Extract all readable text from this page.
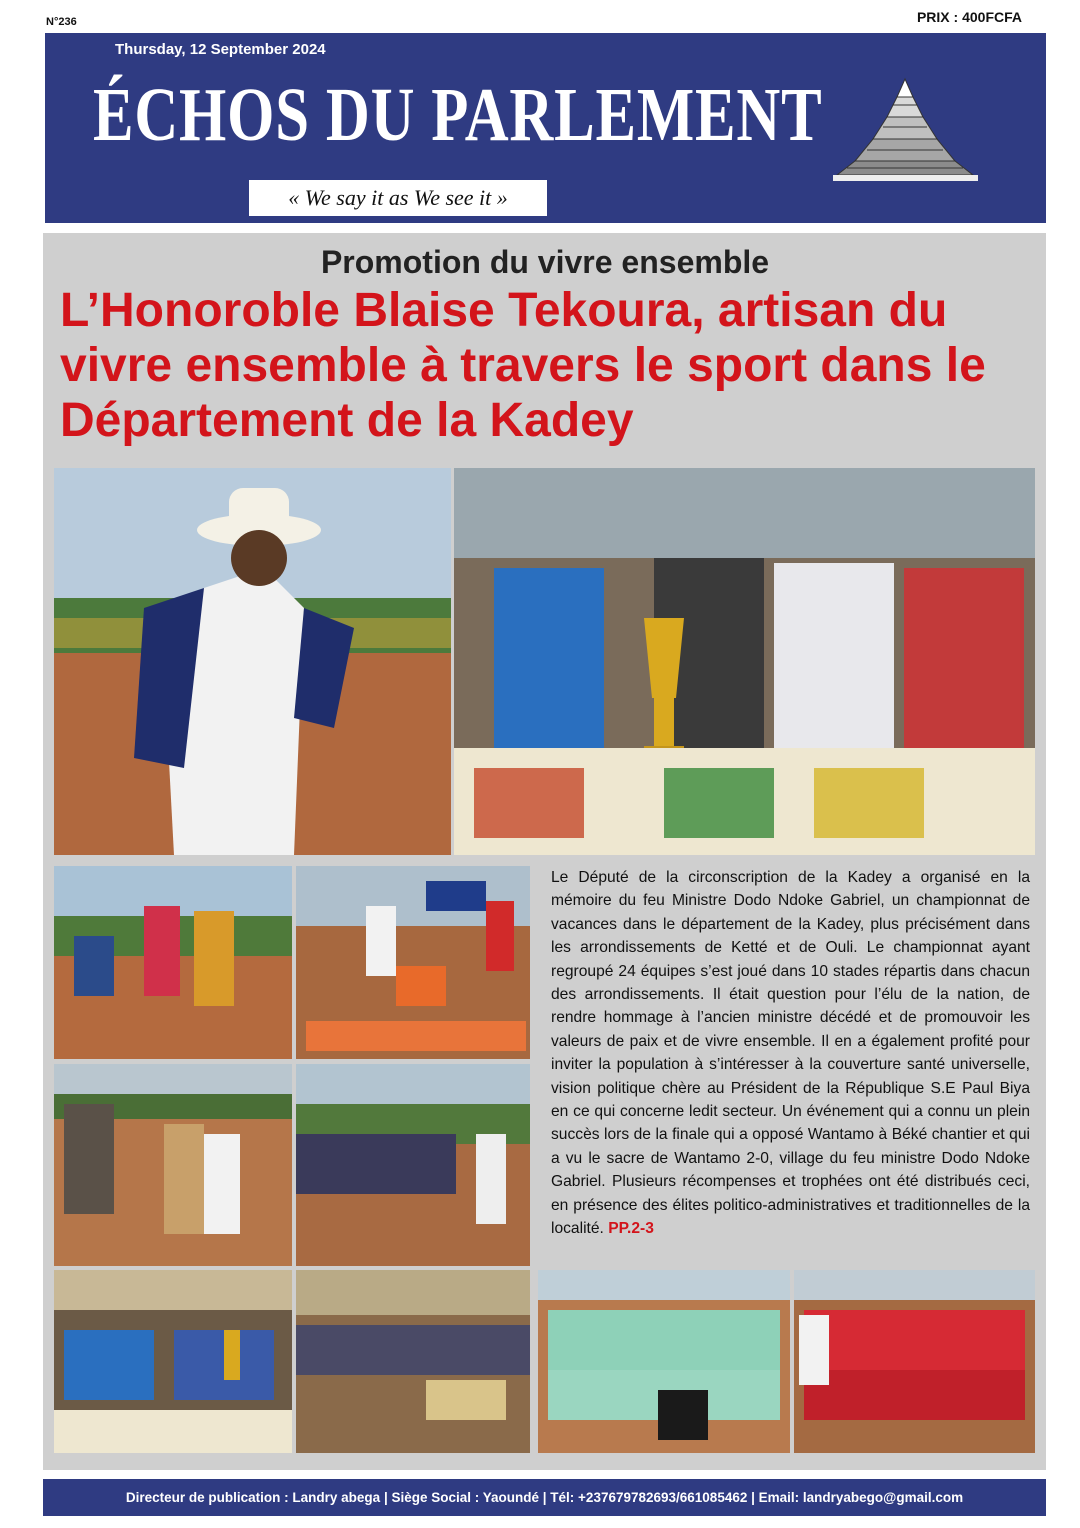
N°236	PRIX : 400FCFA
Thursday, 12 September 2024
ÉCHOS DU PARLEMENT
« We say it as We see it »
Promotion du vivre ensemble
L’Honoroble Blaise Tekoura, artisan du vivre ensemble à travers le sport dans le Département de la Kadey
Le Député de la circonscription de la Kadey a organisé en la mémoire du feu Ministre Dodo Ndoke Gabriel, un championnat de vacances dans le département de la Kadey, plus précisément dans les arrondissements de Ketté et de Ouli. Le championnat ayant regroupé 24 équipes s’est joué dans 10 stades répartis dans chacun des arrondissements. Il était question pour l’élu de la nation, de rendre hommage à l’ancien ministre décédé et de promouvoir les valeurs de paix et de vivre ensemble. Il en a également profité pour inviter la population à s’intéresser à la couverture santé universelle, vision politique chère au Président de la République S.E Paul Biya en ce qui concerne ledit secteur. Un événement qui a connu un plein succès lors de la finale qui a opposé Wantamo à Béké chantier et qui a vu le sacre de Wantamo 2-0, village du feu ministre Dodo Ndoke Gabriel. Plusieurs récompenses et trophées ont été distribués ceci, en présence des élites politico-administratives et traditionnelles de la localité. PP.2-3
Directeur de publication : Landry abega | Siège Social : Yaoundé | Tél: +237679782693/661085462 | Email: landryabego@gmail.com
